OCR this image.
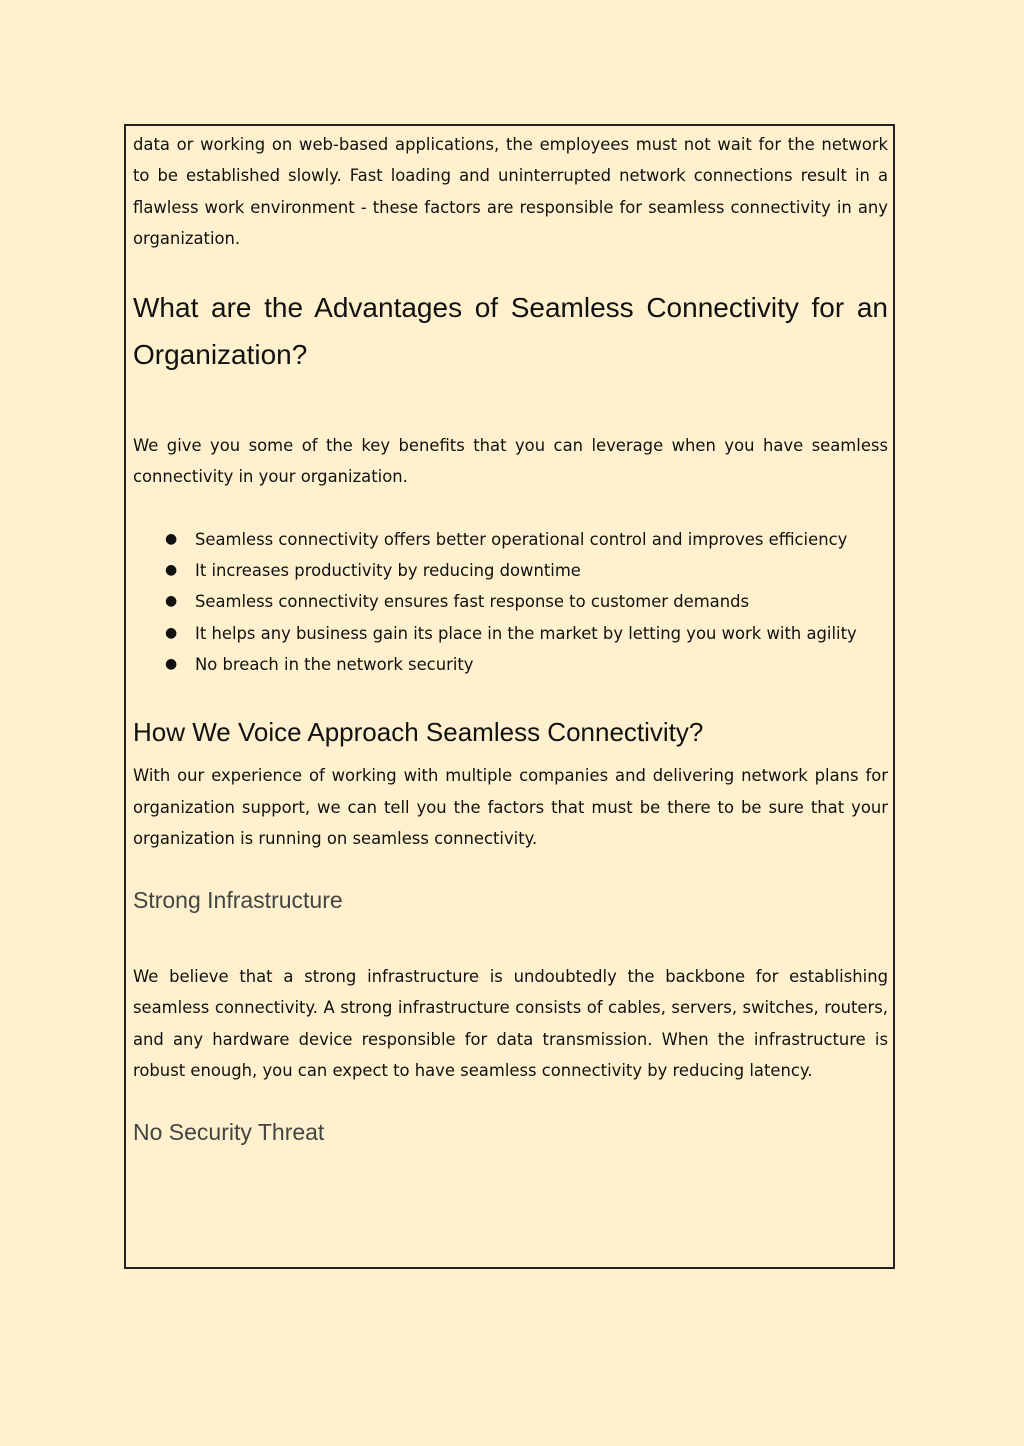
data or working on web-based applications, the employees must not wait for the network to be established slowly. Fast loading and uninterrupted network connections result in a flawless work environment - these factors are responsible for seamless connectivity in any organization.

What are the Advantages of Seamless Connectivity for an Organization?

We give you some of the key benefits that you can leverage when you have seamless connectivity in your organization.

● Seamless connectivity offers better operational control and improves efficiency
● It increases productivity by reducing downtime
● Seamless connectivity ensures fast response to customer demands
● It helps any business gain its place in the market by letting you work with agility
● No breach in the network security
How We Voice Approach Seamless Connectivity?

With our experience of working with multiple companies and delivering network plans for organization support, we can tell you the factors that must be there to be sure that your organization is running on seamless connectivity.

Strong Infrastructure

We believe that a strong infrastructure is undoubtedly the backbone for establishing seamless connectivity. A strong infrastructure consists of cables, servers, switches, routers, and any hardware device responsible for data transmission. When the infrastructure is robust enough, you can expect to have seamless connectivity by reducing latency.

No Security Threat
